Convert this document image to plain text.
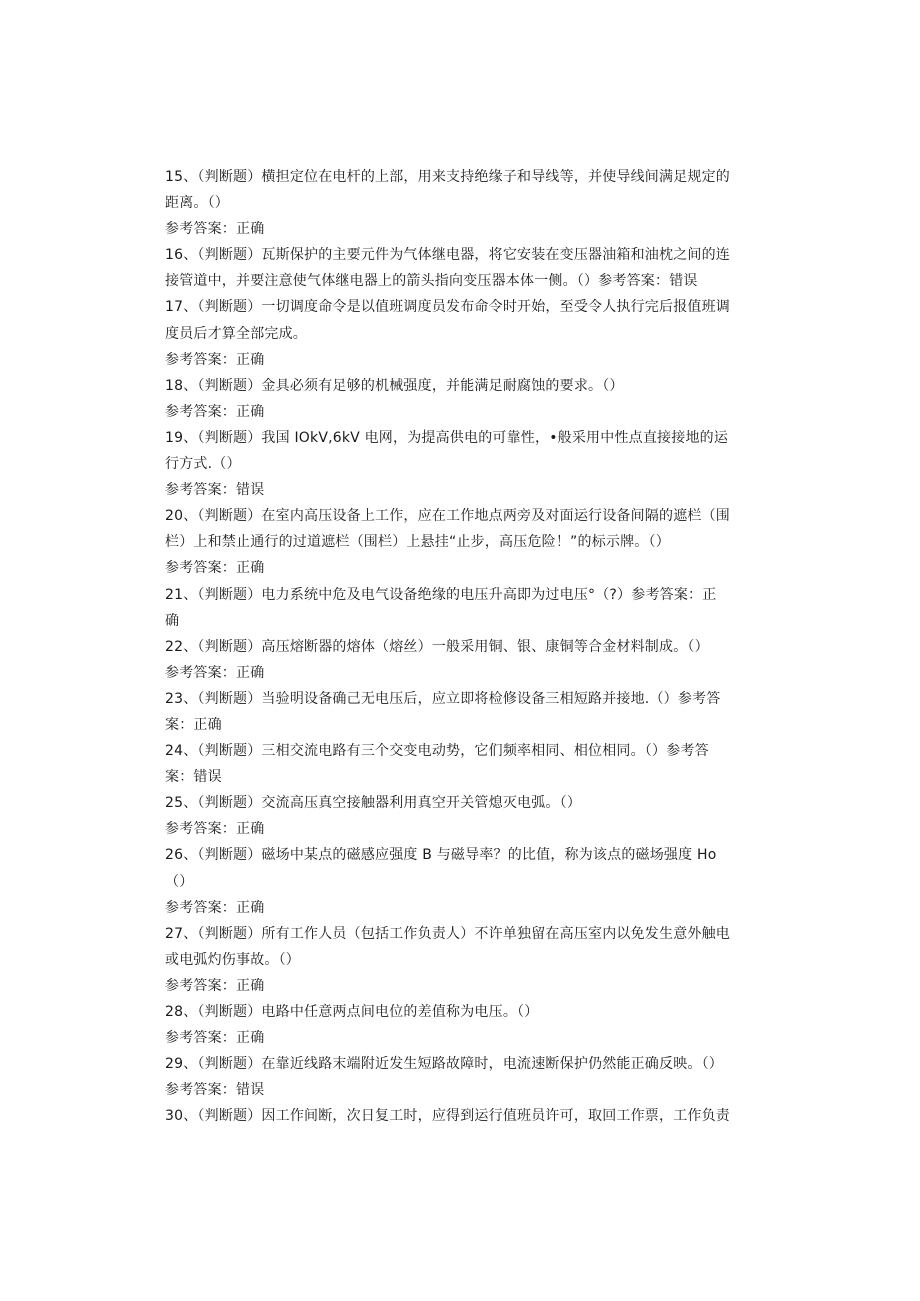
15、（判断题）横担定位在电杆的上部，用来支持绝缘子和导线等，并使导线间满足规定的
距离。（）
参考答案：正确
16、（判断题）瓦斯保护的主要元件为气体继电器，将它安装在变压器油箱和油枕之间的连
接管道中，并要注意使气体继电器上的箭头指向变压器本体一侧。（）参考答案：错误
17、（判断题）一切调度命令是以值班调度员发布命令时开始，至受令人执行完后报值班调
度员后才算全部完成。
参考答案：正确
18、（判断题）金具必须有足够的机械强度，并能满足耐腐蚀的要求。（）
参考答案：正确
19、（判断题）我国 IOkV,6kV 电网，为提高供电的可靠性，•般采用中性点直接接地的运
行方式.（）
参考答案：错误
20、（判断题）在室内高压设备上工作，应在工作地点两旁及对面运行设备间隔的遮栏（围
栏）上和禁止通行的过道遮栏（围栏）上悬挂“止步，高压危险！”的标示牌。（）
参考答案：正确
21、（判断题）电力系统中危及电气设备绝缘的电压升高即为过电压°（?）参考答案：正
确
22、（判断题）高压熔断器的熔体（熔丝）一般采用铜、银、康铜等合金材料制成。（）
参考答案：正确
23、（判断题）当验明设备确己无电压后，应立即将检修设备三相短路并接地.（）参考答
案：正确
24、（判断题）三相交流电路有三个交变电动势，它们频率相同、相位相同。（）参考答
案：错误
25、（判断题）交流高压真空接触器利用真空开关管熄灭电弧。（）
参考答案：正确
26、（判断题）磁场中某点的磁感应强度 B 与磁导率？的比值，称为该点的磁场强度 Ho
（）
参考答案：正确
27、（判断题）所有工作人员（包括工作负责人）不许单独留在高压室内以免发生意外触电
或电弧灼伤事故。（）
参考答案：正确
28、（判断题）电路中任意两点间电位的差值称为电压。（）
参考答案：正确
29、（判断题）在靠近线路末端附近发生短路故障时，电流速断保护仍然能正确反映。（）
参考答案：错误
30、（判断题）因工作间断，次日复工时，应得到运行值班员许可，取回工作票，工作负责
